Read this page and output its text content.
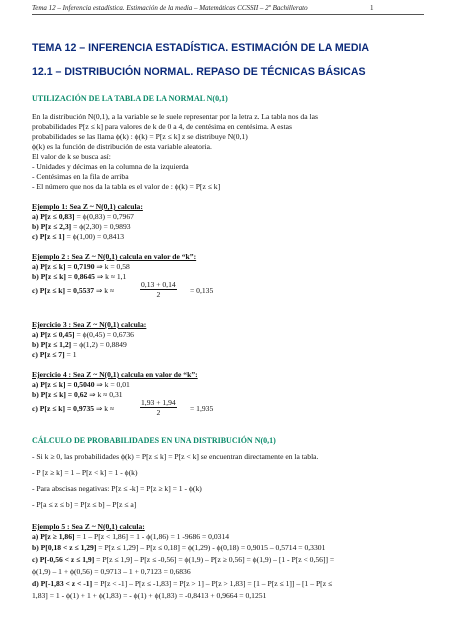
Tema 12 – Inferencia estadística. Estimación de la media – Matemáticas CCSSII – 2º Bachillerato	1
TEMA 12 – INFERENCIA ESTADÍSTICA. ESTIMACIÓN DE LA MEDIA
12.1 – DISTRIBUCIÓN NORMAL. REPASO DE TÉCNICAS BÁSICAS
UTILIZACIÓN DE LA TABLA DE LA NORMAL N(0,1)
En la distribución N(0,1), a la variable se le suele representar por la letra z. La tabla nos da las
probabilidades P[z ≤ k] para valores de k de 0 a 4, de centésima en centésima. A estas
probabilidades se las llama ϕ(k) : ϕ(k) = P[z ≤ k] z se distribuye N(0,1)
ϕ(k) es la función de distribución de esta variable aleatoria.
El valor de k se busca así:
- Unidades y décimas en la columna de la izquierda
- Centésimas en la fila de arriba
- El número que nos da la tabla es el valor de : ϕ(k) = P[z ≤ k]
Ejemplo 1: Sea Z ~ N(0,1) calcula:
a) P[z ≤ 0,83] = ϕ(0,83) = 0,7967
b) P[z ≤ 2,3] = ϕ(2,30) = 0,9893
c) P[z ≤ 1] = ϕ(1,00) = 0,8413
Ejemplo 2 : Sea Z ~ N(0,1) calcula en valor de “k”:
a) P[z ≤ k] = 0,7190 ⇒ k = 0,58
b) P[z ≤ k] = 0,8645 ⇒ k ≈ 1,1
c) P[z ≤ k] = 0,5537 ⇒ k ≈	$\frac{0,13 + 0,14}{2} = 0,135$
Ejercicio 3 : Sea Z ~ N(0,1) calcula:
a) P[z ≤ 0,45] = ϕ(0,45) = 0,6736
b) P[z ≤ 1,2] = ϕ(1,2) = 0,8849
c) P[z ≤ 7] = 1
Ejercicio 4 : Sea Z ~ N(0,1) calcula en valor de “k”:
a) P[z ≤ k] = 0,5040 ⇒ k = 0,01
b) P[z ≤ k] = 0,62 ⇒ k ≈ 0,31
c) P[z ≤ k] = 0,9735 ⇒ k ≈	$\frac{1,93 + 1,94}{2} = 1,935$
CÁLCULO DE PROBABILIDADES EN UNA DISTRIBUCIÓN N(0,1)
- Si k ≥ 0, las probabilidades ϕ(k) = P[z ≤ k] = P[z < k] se encuentran directamente en la tabla.
- P [z ≥ k] = 1 – P[z < k] = 1 - ϕ(k)
- Para abscisas negativas: P[z ≤ -k] = P[z ≥ k] = 1 - ϕ(k)
- P[a ≤ z ≤ b] = P[z ≤ b] – P[z ≤ a]
Ejemplo 5 : Sea Z ~ N(0,1) calcula:
a) P[z ≥ 1,86] = 1 – P[z < 1,86] = 1 - ϕ(1,86) = 1 -9686 = 0,0314
b) P[0,18 < z ≤ 1,29] = P[z ≤ 1,29] – P[z ≤ 0,18] = ϕ(1,29) - ϕ(0,18) = 0,9015 – 0,5714 = 0,3301
c) P[-0,56 < z ≤ 1,9] = P[z ≤ 1,9] – P[z ≤ -0,56] = ϕ(1,9) – P[z ≥ 0,56] = ϕ(1,9) – [1 - P[z < 0,56]] =
ϕ(1,9) – 1 + ϕ(0,56) = 0,9713 – 1 + 0,7123 = 0,6836
d) P[-1,83 < z < -1] = P[z < -1] – P[z ≤ -1,83] = P[z > 1] – P[z > 1,83] = [1 – P[z ≤ 1]] – [1 – P[z ≤
1,83] = 1 - ϕ(1) + 1 + ϕ(1,83) = - ϕ(1) + ϕ(1,83) = -0,8413 + 0,9664 = 0,1251
